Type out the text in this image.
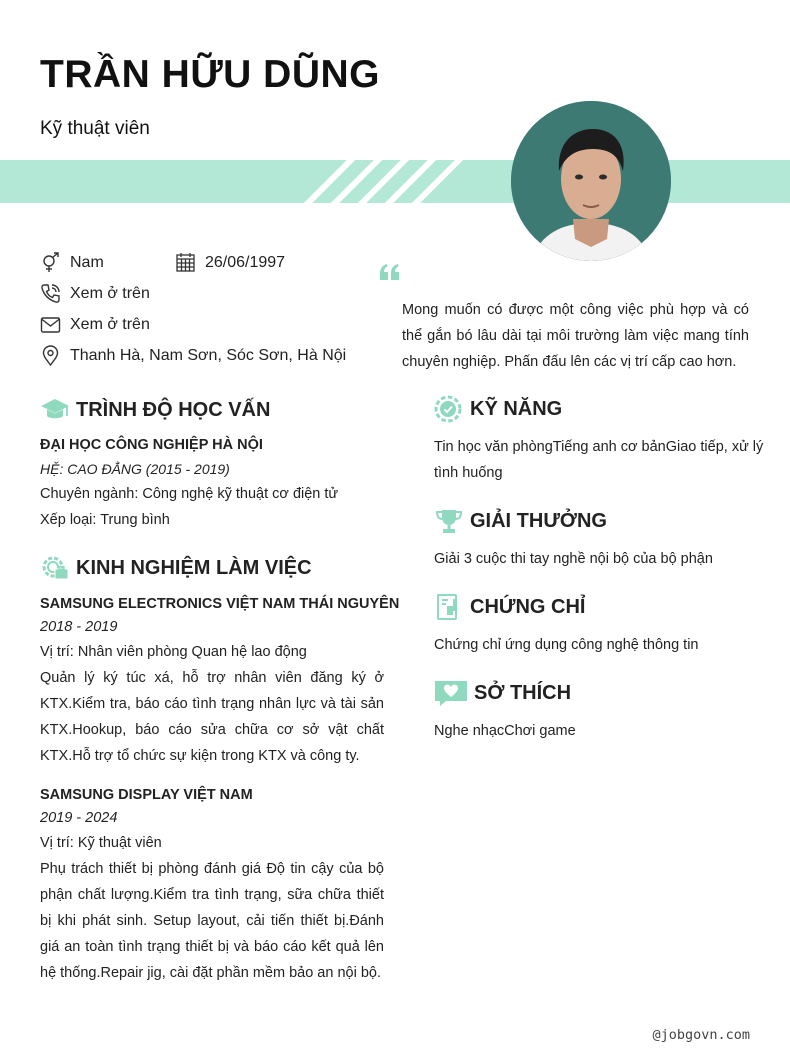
TRẦN HỮU DŨNG
Kỹ thuật viên
Nam	26/06/1997
Xem ở trên
Xem ở trên
Thanh Hà, Nam Sơn, Sóc Sơn, Hà Nội
Mong muốn có được một công việc phù hợp và có thể gắn bó lâu dài tại môi trường làm việc mang tính chuyên nghiệp. Phấn đấu lên các vị trí cấp cao hơn.
TRÌNH ĐỘ HỌC VẤN
ĐẠI HỌC CÔNG NGHIỆP HÀ NỘI
HỆ: CAO ĐẲNG (2015 - 2019)
Chuyên ngành: Công nghệ kỹ thuật cơ điện tử
Xếp loại: Trung bình
KINH NGHIỆM LÀM VIỆC
SAMSUNG ELECTRONICS VIỆT NAM THÁI NGUYÊN
2018 - 2019
Vị trí: Nhân viên phòng Quan hệ lao động
Quản lý ký túc xá, hỗ trợ nhân viên đăng ký ở KTX.Kiểm tra, báo cáo tình trạng nhân lực và tài sản KTX.Hookup, báo cáo sửa chữa cơ sở vật chất KTX.Hỗ trợ tổ chức sự kiện trong KTX và công ty.
SAMSUNG DISPLAY VIỆT NAM
2019 - 2024
Vị trí: Kỹ thuật viên
Phụ trách thiết bị phòng đánh giá Độ tin cậy của bộ phận chất lượng.Kiểm tra tình trạng, sữa chữa thiết bị khi phát sinh. Setup layout, cải tiến thiết bị.Đánh giá an toàn tình trạng thiết bị và báo cáo kết quả lên hệ thống.Repair jig, cài đặt phần mềm bảo an nội bộ.
KỸ NĂNG
Tin học văn phòngTiếng anh cơ bảnGiao tiếp, xử lý tình huống
GIẢI THƯỞNG
Giải 3 cuộc thi tay nghề nội bộ của bộ phận
CHỨNG CHỈ
Chứng chỉ ứng dụng công nghệ thông tin
SỞ THÍCH
Nghe nhạcChơi game
@jobgovn.com
